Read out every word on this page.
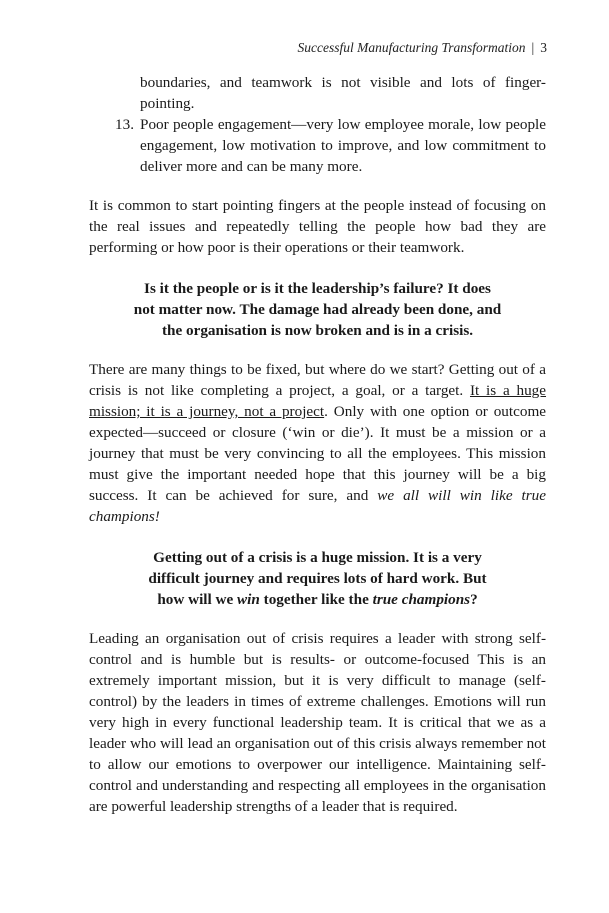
Successful Manufacturing Transformation | 3

boundaries, and teamwork is not visible and lots of finger-pointing.

13. Poor people engagement—very low employee morale, low people engagement, low motivation to improve, and low commitment to deliver more and can be many more.

It is common to start pointing fingers at the people instead of focusing on the real issues and repeatedly telling the people how bad they are performing or how poor is their operations or their teamwork.

Is it the people or is it the leadership’s failure? It does
not matter now. The damage had already been done, and
the organisation is now broken and is in a crisis.

There are many things to be fixed, but where do we start? Getting out of a crisis is not like completing a project, a goal, or a target. It is a huge mission; it is a journey, not a project. Only with one option or outcome expected—succeed or closure (‘win or die’). It must be a mission or a journey that must be very convincing to all the employees. This mission must give the important needed hope that this journey will be a big success. It can be achieved for sure, and we all will win like true champions!

Getting out of a crisis is a huge mission. It is a very
difficult journey and requires lots of hard work. But
how will we win together like the true champions?

Leading an organisation out of crisis requires a leader with strong self-control and is humble but is results- or outcome-focused This is an extremely important mission, but it is very difficult to manage (self-control) by the leaders in times of extreme challenges. Emotions will run very high in every functional leadership team. It is critical that we as a leader who will lead an organisation out of this crisis always remember not to allow our emotions to overpower our intelligence. Maintaining self-control and understanding and respecting all employees in the organisation are powerful leadership strengths of a leader that is required.
